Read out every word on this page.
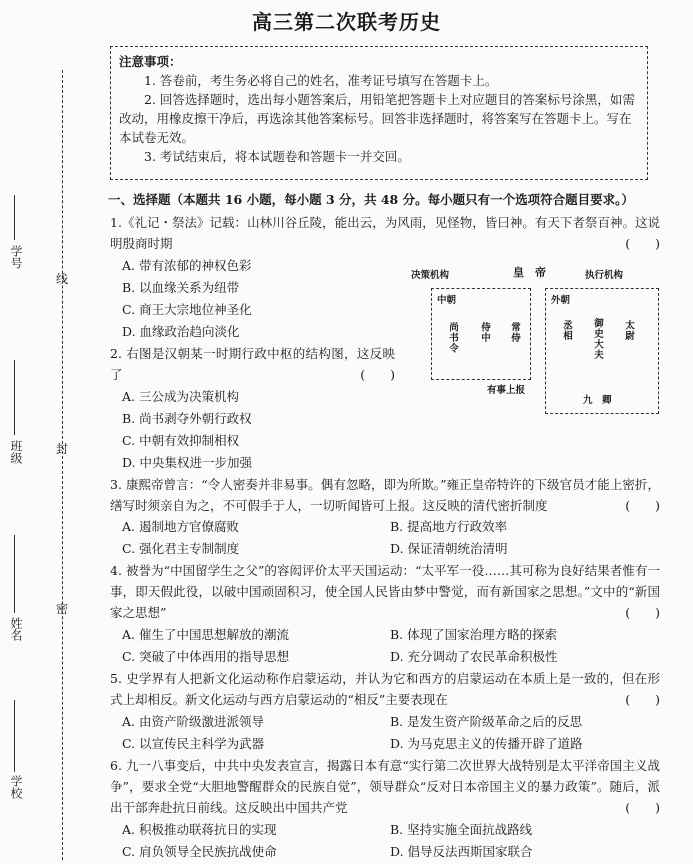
高三第二次联考历史
线
封
密
学号
班级
姓名
学校

注意事项：

1. 答卷前，考生务必将自己的姓名，准考证号填写在答题卡上。

2. 回答选择题时，选出每小题答案后，用铅笔把答题卡上对应题目的答案标号涂黑，如需改动，用橡皮擦干净后，再选涂其他答案标号。回答非选择题时，将答案写在答题卡上。写在本试卷无效。

3. 考试结束后，将本试题卷和答题卡一并交回。

一、选择题（本题共 16 小题，每小题 3 分，共 48 分。每小题只有一个选项符合题目要求。）
1.《礼记・祭法》记载：山林川谷丘陵，能出云，为风雨，见怪物，皆曰神。有天下者祭百神。这说明殷商时期	(　　)
A. 带有浓郁的神权色彩
B. 以血缘关系为纽带
C. 商王大宗地位神圣化
D. 血缘政治趋向淡化
2. 右图是汉朝某一时期行政中枢的结构图，这反映了	(　　)
A. 三公成为决策机构
B. 尚书剥夺外朝行政权
C. 中朝有效抑制相权
D. 中央集权进一步加强
决策机构	皇　帝	执行机构
中朝
尚书令 侍中 常侍
有事上报
外朝
丞相 御史大夫 太尉
九　卿
3. 康熙帝曾言：“令人密奏并非易事。偶有忽略，即为所欺。”雍正皇帝特许的下级官员才能上密折，缮写时须亲自为之，不可假手于人，一切听闻皆可上报。这反映的清代密折制度	(　　)
A. 遏制地方官僚腐败	B. 提高地方行政效率
C. 强化君主专制制度	D. 保证清朝统治清明
4. 被誉为“中国留学生之父”的容闳评价太平天国运动：“太平军一役……其可称为良好结果者惟有一事，即天假此役，以破中国顽固积习，使全国人民皆由梦中警觉，而有新国家之思想。”文中的“新国家之思想”	(　　)
A. 催生了中国思想解放的潮流	B. 体现了国家治理方略的探索
C. 突破了中体西用的指导思想	D. 充分调动了农民革命积极性
5. 史学界有人把新文化运动称作启蒙运动，并认为它和西方的启蒙运动在本质上是一致的，但在形式上却相反。新文化运动与西方启蒙运动的“相反”主要表现在	(　　)
A. 由资产阶级激进派领导	B. 是发生资产阶级革命之后的反思
C. 以宣传民主科学为武器	D. 为马克思主义的传播开辟了道路
6. 九一八事变后，中共中央发表宣言，揭露日本有意“实行第二次世界大战特别是太平洋帝国主义战争”，要求全党“大胆地警醒群众的民族自觉”，领导群众“反对日本帝国主义的暴力政策”。随后，派出干部奔赴抗日前线。这反映出中国共产党	(　　)
A. 积极推动联蒋抗日的实现	B. 坚持实施全面抗战路线
C. 肩负领导全民族抗战使命	D. 倡导反法西斯国家联合
